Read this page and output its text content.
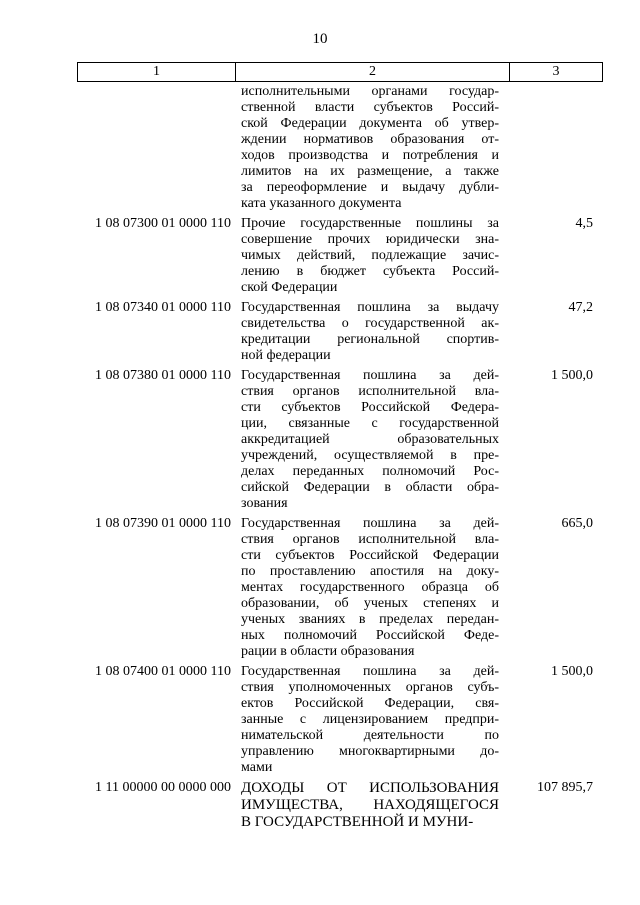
10
1	2	3
исполнительными органами государ-
ственной власти субъектов Россий-
ской Федерации документа об утвер-
ждении нормативов образования от-
ходов производства и потребления и
лимитов на их размещение, а также
за переоформление и выдачу дубли-
ката указанного документа
1 08 07300 01 0000 110 Прочие государственные пошлины за
совершение прочих юридически зна-
чимых действий, подлежащие зачис-
лению в бюджет субъекта Россий-
ской Федерации
4,5
1 08 07340 01 0000 110 Государственная пошлина за выдачу
свидетельства о государственной ак-
кредитации региональной спортив-
ной федерации
47,2
1 08 07380 01 0000 110 Государственная пошлина за дей-
ствия органов исполнительной вла-
сти субъектов Российской Федера-
ции, связанные с государственной
аккредитацией образовательных
учреждений, осуществляемой в пре-
делах переданных полномочий Рос-
сийской Федерации в области обра-
зования
1 500,0
1 08 07390 01 0000 110 Государственная пошлина за дей-
ствия органов исполнительной вла-
сти субъектов Российской Федерации
по проставлению апостиля на доку-
ментах государственного образца об
образовании, об ученых степенях и
ученых званиях в пределах передан-
ных полномочий Российской Феде-
рации в области образования
665,0
1 08 07400 01 0000 110 Государственная пошлина за дей-
ствия уполномоченных органов субъ-
ектов Российской Федерации, свя-
занные с лицензированием предпри-
нимательской деятельности по
управлению многоквартирными до-
мами
1 500,0
1 11 00000 00 0000 000 ДОХОДЫ ОТ ИСПОЛЬЗОВАНИЯ
ИМУЩЕСТВА, НАХОДЯЩЕГОСЯ
В ГОСУДАРСТВЕННОЙ И МУНИ-
107 895,7
